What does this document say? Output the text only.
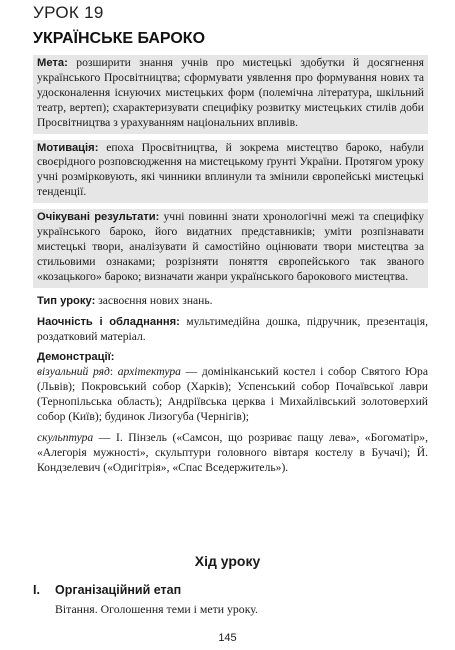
УРОК 19
УКРАЇНСЬКЕ БАРОКО

Мета: розширити знання учнів про мистецькі здобутки й досягнення українського Просвітництва; сформувати уявлення про формування нових та удосконалення існуючих мистецьких форм (полемічна література, шкільний театр, вертеп); схарактеризувати специфіку розвитку мистецьких стилів доби Просвітництва з урахуванням національних впливів.

Мотивація: епоха Просвітництва, й зокрема мистецтво бароко, набули своєрідного розповсюдження на мистецькому ґрунті України. Протягом уроку учні розмірковують, які чинники вплинули та змінили європейські мистецькі тенденції.

Очікувані результати: учні повинні знати хронологічні межі та специфіку українського бароко, його видатних представників; уміти розпізнавати мистецькі твори, аналізувати й самостійно оцінювати твори мистецтва за стильовими ознаками; розрізняти поняття європейського так званого «козацького» бароко; визначати жанри українського барокового мистецтва.

Тип уроку: засвоєння нових знань.

Наочність і обладнання: мультимедійна дошка, підручник, презентація, роздатковий матеріал.

Демонстрації:

візуальний ряд: архітектура — домініканський костел і собор Святого Юра (Львів); Покровський собор (Харків); Успенський собор Почаївської лаври (Тернопільська область); Андріївська церква і Михайлівський золотоверхий собор (Київ); будинок Лизогуба (Чернігів);

скульптура — І. Пінзель («Самсон, що розриває пащу лева», «Богоматір», «Алегорія мужності», скульптури головного вівтаря костелу в Бучачі); Й. Кондзелевич («Одигітрія», «Спас Вседержитель»).

Хід уроку
I. Організаційний етап
Вітання. Оголошення теми і мети уроку.
145
